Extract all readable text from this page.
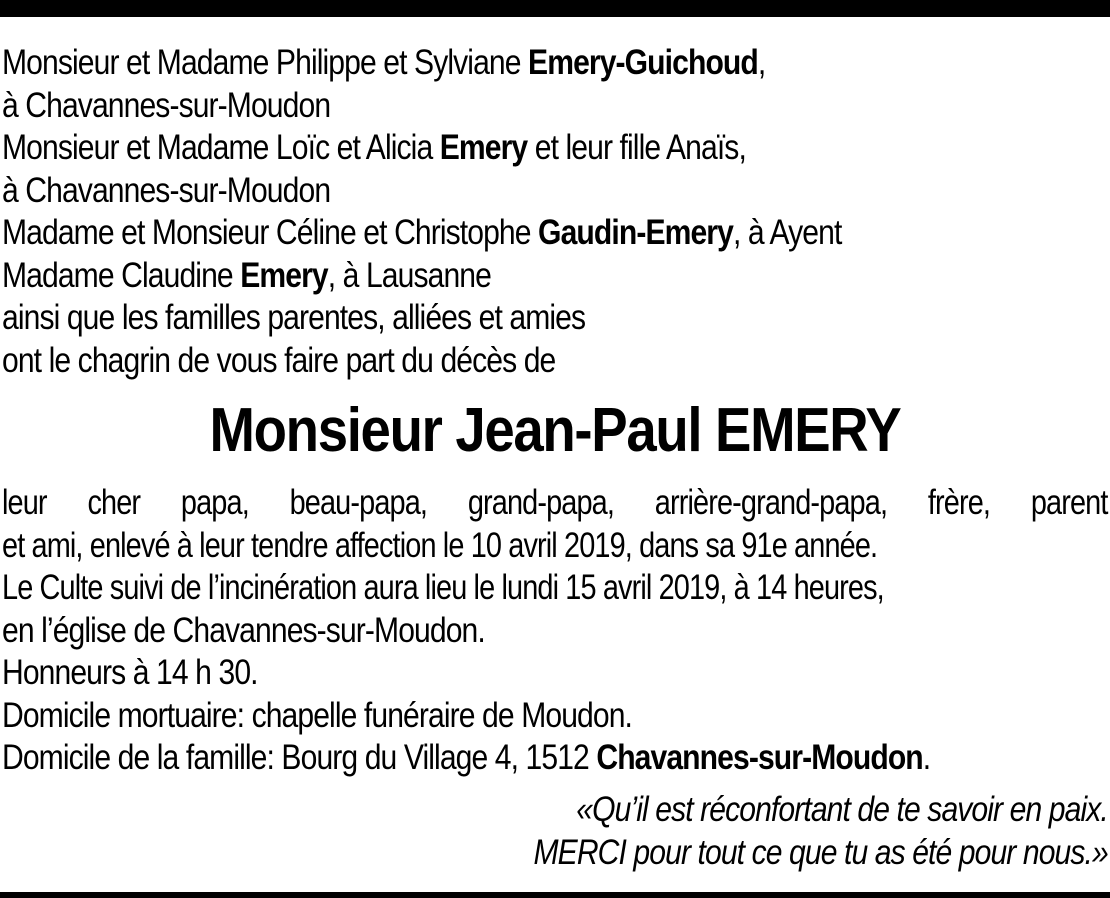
Monsieur et Madame Philippe et Sylviane Emery-Guichoud,
à Chavannes-sur-Moudon
Monsieur et Madame Loïc et Alicia Emery et leur fille Anaïs,
à Chavannes-sur-Moudon
Madame et Monsieur Céline et Christophe Gaudin-Emery, à Ayent
Madame Claudine Emery, à Lausanne
ainsi que les familles parentes, alliées et amies
ont le chagrin de vous faire part du décès de
Monsieur Jean-Paul EMERY
leur cher papa, beau-papa, grand-papa, arrière-grand-papa, frère, parent
et ami, enlevé à leur tendre affection le 10 avril 2019, dans sa 91e année.
Le Culte suivi de l’incinération aura lieu le lundi 15 avril 2019, à 14 heures,
en l’église de Chavannes-sur-Moudon.
Honneurs à 14 h 30.
Domicile mortuaire: chapelle funéraire de Moudon.
Domicile de la famille: Bourg du Village 4, 1512 Chavannes-sur-Moudon.
«Qu’il est réconfortant de te savoir en paix.
MERCI pour tout ce que tu as été pour nous.»
